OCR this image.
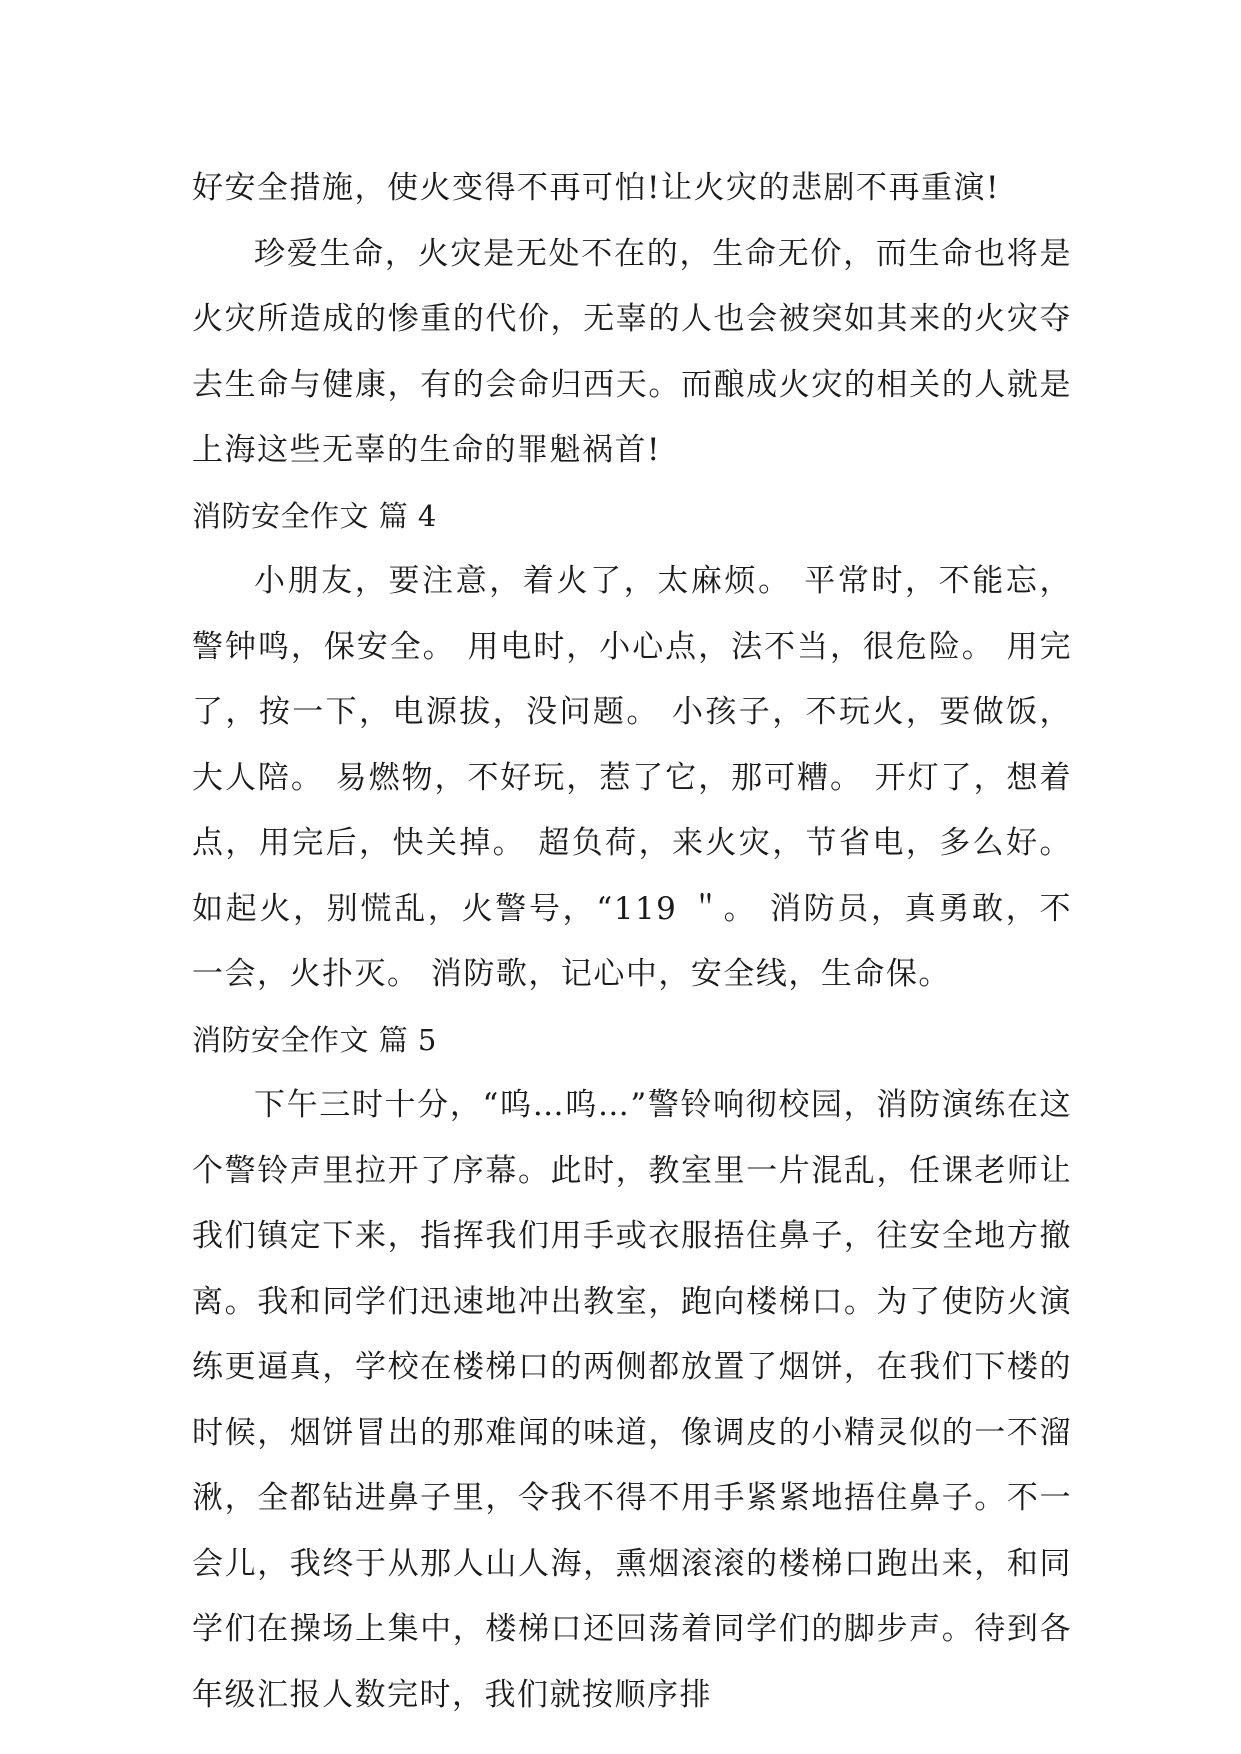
好安全措施，使火变得不再可怕!让火灾的悲剧不再重演!

珍爱生命，火灾是无处不在的，生命无价，而生命也将是火灾所造成的惨重的代价，无辜的人也会被突如其来的火灾夺去生命与健康，有的会命归西天。而酿成火灾的相关的人就是上海这些无辜的生命的罪魁祸首!

消防安全作文 篇 4

小朋友，要注意，着火了，太麻烦。 平常时，不能忘，警钟鸣，保安全。 用电时，小心点，法不当，很危险。 用完了，按一下，电源拔，没问题。 小孩子，不玩火，要做饭，大人陪。 易燃物，不好玩，惹了它，那可糟。 开灯了，想着点，用完后，快关掉。 超负荷，来火灾，节省电，多么好。 如起火，别慌乱，火警号，“119 ＂。 消防员，真勇敢，不一会，火扑灭。 消防歌，记心中，安全线，生命保。

消防安全作文 篇 5

下午三时十分，“呜…呜…”警铃响彻校园，消防演练在这个警铃声里拉开了序幕。此时，教室里一片混乱，任课老师让我们镇定下来，指挥我们用手或衣服捂住鼻子，往安全地方撤离。我和同学们迅速地冲出教室，跑向楼梯口。为了使防火演练更逼真，学校在楼梯口的两侧都放置了烟饼，在我们下楼的时候，烟饼冒出的那难闻的味道，像调皮的小精灵似的一不溜湫，全都钻进鼻子里，令我不得不用手紧紧地捂住鼻子。不一会儿，我终于从那人山人海，熏烟滚滚的楼梯口跑出来，和同学们在操场上集中，楼梯口还回荡着同学们的脚步声。待到各年级汇报人数完时，我们就按顺序排
